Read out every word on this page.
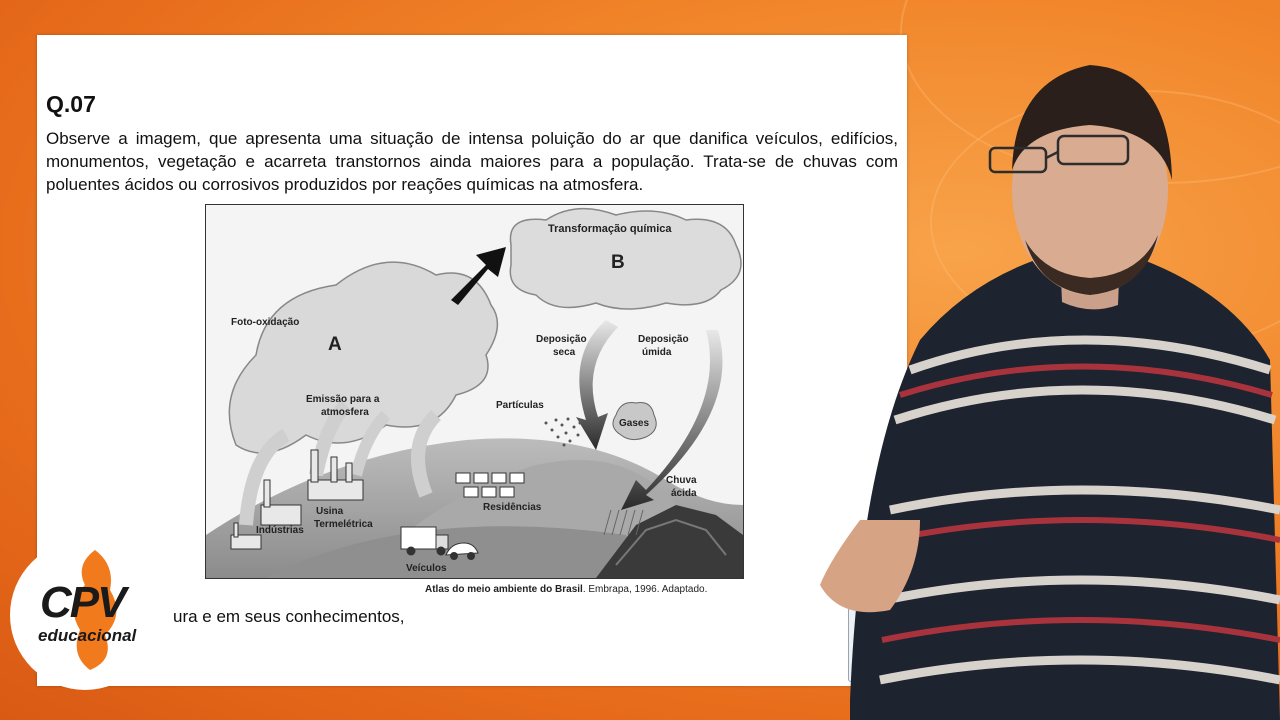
Q.07
Observe a imagem, que apresenta uma situação de intensa poluição do ar que danifica veículos, edifícios, monumentos, vegetação e acarreta transtornos ainda maiores para a população. Trata-se de chuvas com poluentes ácidos ou corrosivos produzidos por reações químicas na atmosfera.
Transformação química
B
A
Foto-oxidação
Emissão para a
atmosfera
Deposição
seca
Deposição
úmida
Partículas
Gases
Chuva
ácida
Residências
Usina
Termelétrica
Indústrias
Veículos
Atlas do meio ambiente do Brasil. Embrapa, 1996. Adaptado.
ura e em seus conhecimentos,
CPV
educacional
